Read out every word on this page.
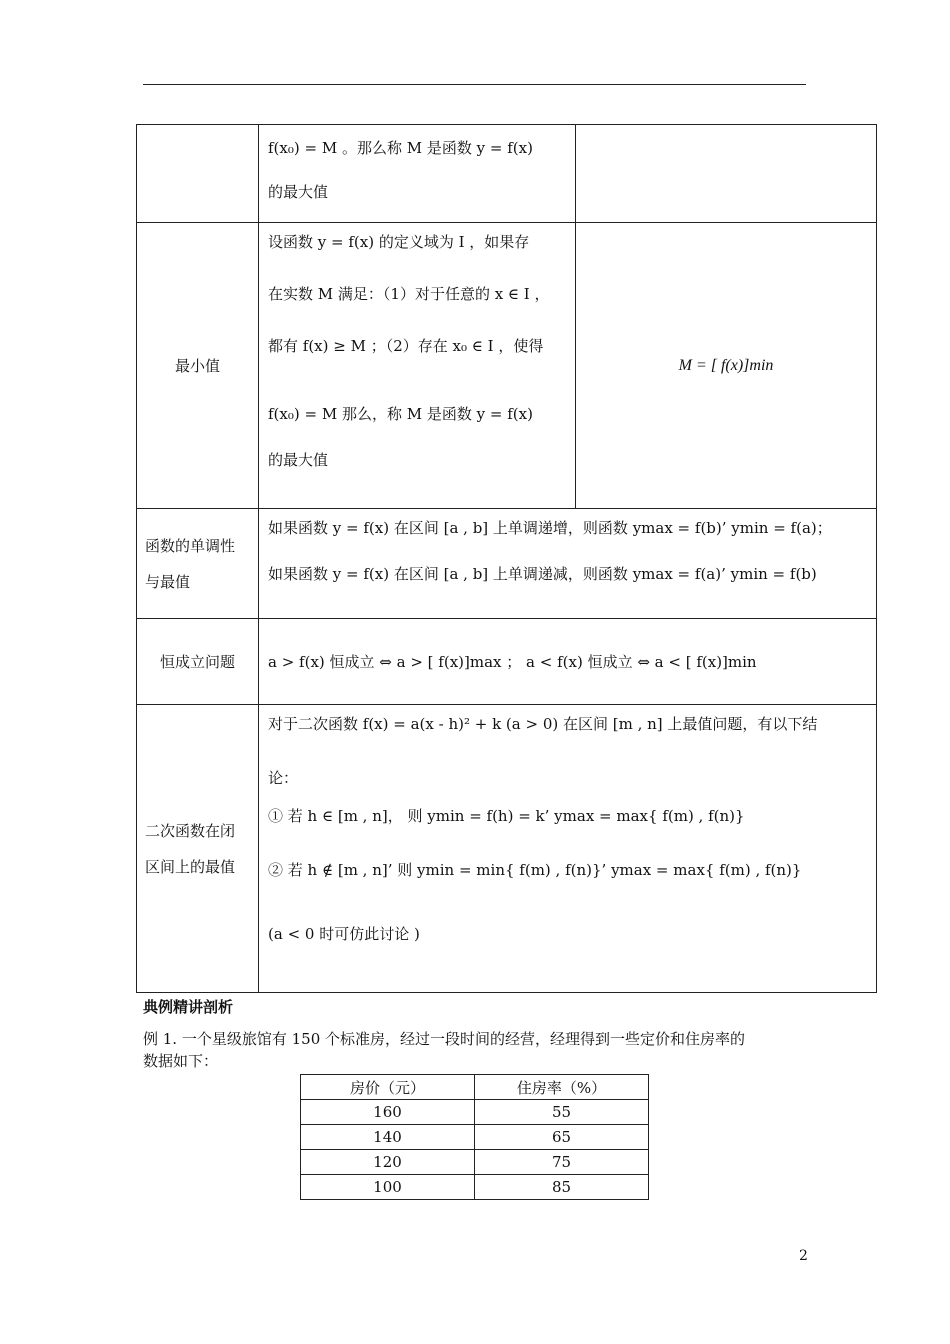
	f(x₀) = M 。那么称 M 是函数 y = f(x)
的最大值	

最小值	设函数 y = f(x) 的定义域为 I ，如果存
在实数 M 满足：（1）对于任意的 x ∈ I ，
都有 f(x) ≥ M ；（2）存在 x₀ ∈ I ，使得
f(x₀) = M 那么，称 M 是函数 y = f(x)
的最大值	M = [ f(x)]min

函数的单调性
与最值	如果函数 y = f(x) 在区间 [a , b] 上单调递增，则函数 ymax = f(b)’ ymin = f(a)；
如果函数 y = f(x) 在区间 [a , b] 上单调递减，则函数 ymax = f(a)’ ymin = f(b)	

恒成立问题	a > f(x) 恒成立 ⇔ a > [ f(x)]max ； a < f(x) 恒成立 ⇔ a < [ f(x)]min	

二次函数在闭
区间上的最值	对于二次函数 f(x) = a(x - h)² + k (a > 0) 在区间 [m , n] 上最值问题，有以下结
论：
① 若 h ∈ [m , n]， 则 ymin = f(h) = k’ ymax = max{ f(m) , f(n)}
② 若 h ∉ [m , n]’ 则 ymin = min{ f(m) , f(n)}’ ymax = max{ f(m) , f(n)}
(a < 0 时可仿此讨论 )	
典例精讲剖析
例 1. 一个星级旅馆有 150 个标准房，经过一段时间的经营，经理得到一些定价和住房率的
数据如下：
房价（元）	住房率（%）
160	55
140	65
120	75
100	85
2
